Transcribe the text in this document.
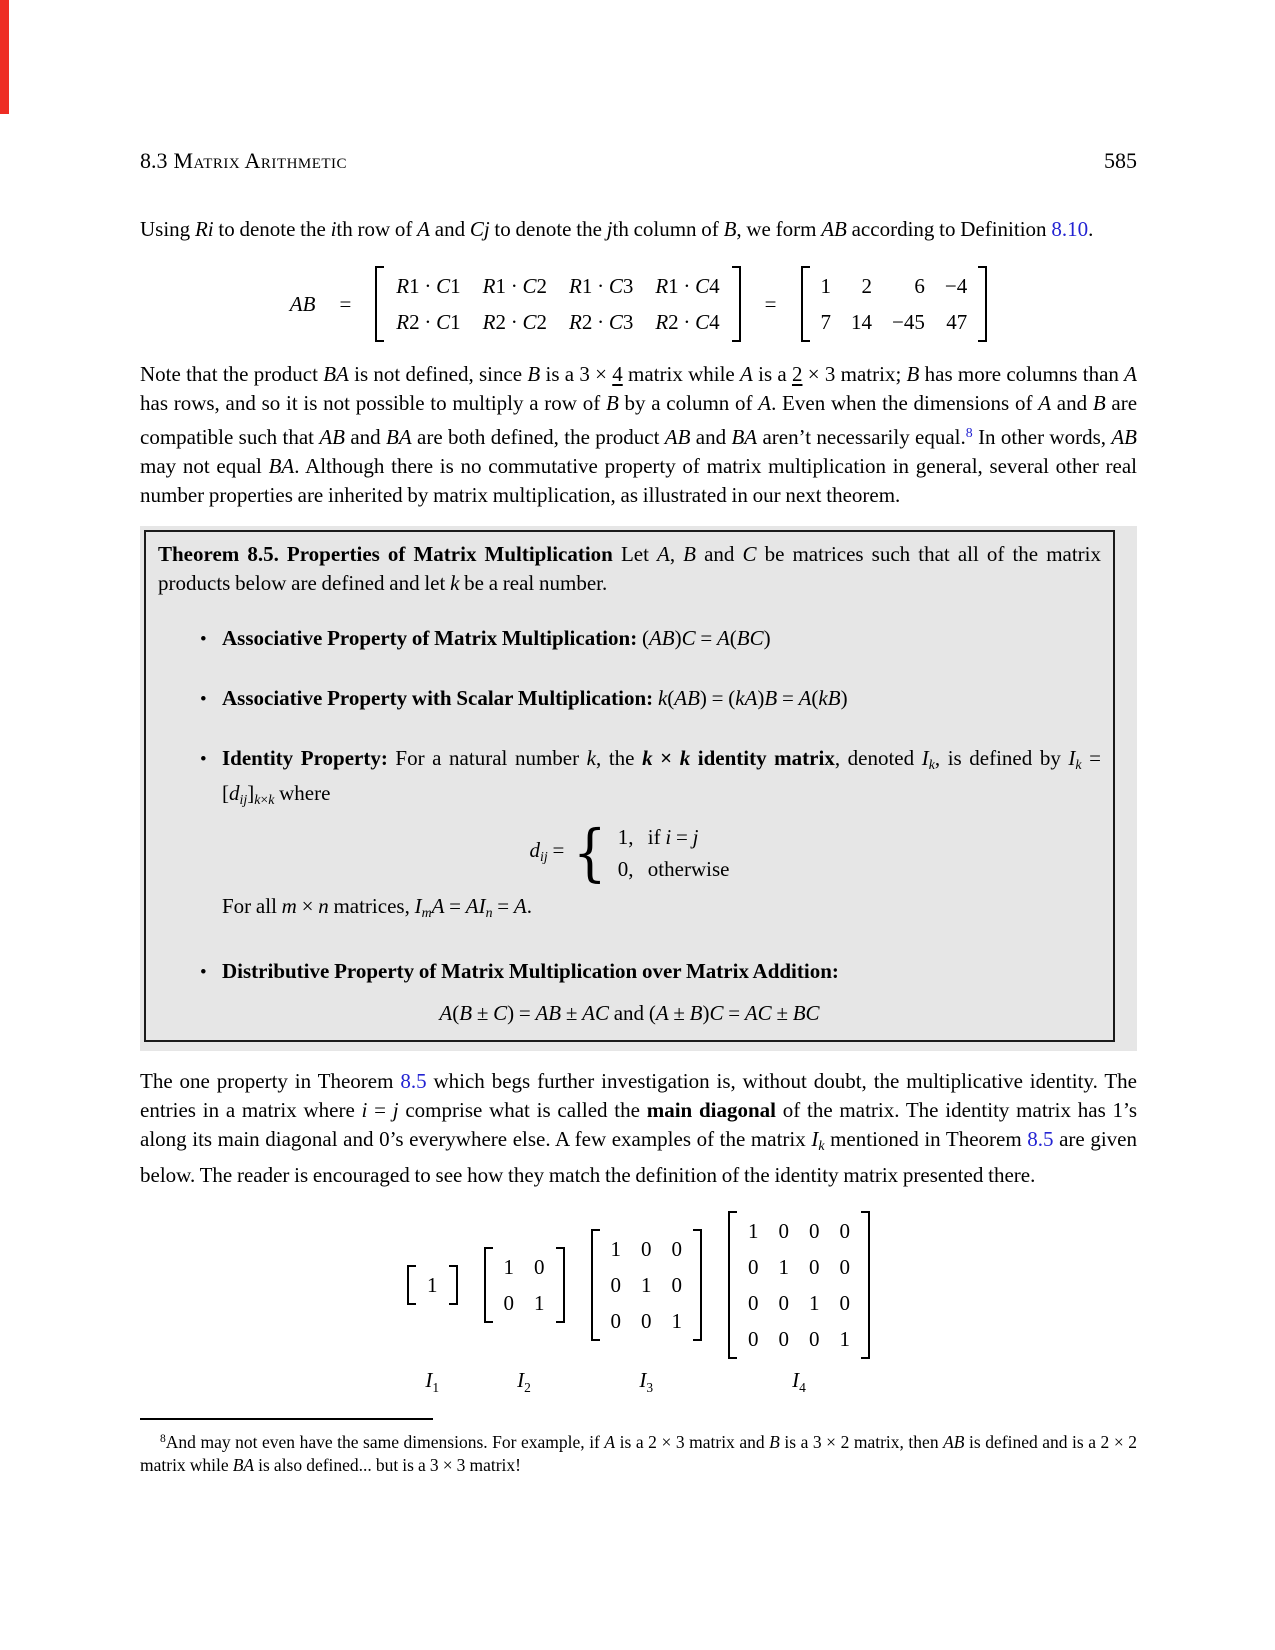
8.3 Matrix Arithmetic	585

Using Ri to denote the ith row of A and Cj to denote the jth column of B, we form AB according to Definition 8.10.

AB =
R1 · C1	R1 · C2	R1 · C3	R1 · C4
R2 · C1	R2 · C2	R2 · C3	R2 · C4
=
1	2	6	−4
7	14	−45	47

Note that the product BA is not defined, since B is a 3 × 4 matrix while A is a 2 × 3 matrix; B has more columns than A has rows, and so it is not possible to multiply a row of B by a column of A. Even when the dimensions of A and B are compatible such that AB and BA are both defined, the product AB and BA aren’t necessarily equal.$^8$ In other words, AB may not equal BA. Although there is no commutative property of matrix multiplication in general, several other real number properties are inherited by matrix multiplication, as illustrated in our next theorem.

Theorem 8.5. Properties of Matrix Multiplication Let A, B and C be matrices such that all of the matrix products below are defined and let k be a real number.

•
Associative Property of Matrix Multiplication: (AB)C = A(BC)
•
Associative Property with Scalar Multiplication: k(AB) = (kA)B = A(kB)
•
Identity Property: For a natural number k, the k × k identity matrix, denoted Ik, is defined by Ik = [dij]k×k where
dij = { 1,   if i = j
0,   otherwise

For all m × n matrices, ImA = AIn = A.

•
Distributive Property of Matrix Multiplication over Matrix Addition:
A(B ± C) = AB ± AC and (A ± B)C = AC ± BC

The one property in Theorem 8.5 which begs further investigation is, without doubt, the multiplicative identity. The entries in a matrix where i = j comprise what is called the main diagonal of the matrix. The identity matrix has 1’s along its main diagonal and 0’s everywhere else. A few examples of the matrix Ik mentioned in Theorem 8.5 are given below. The reader is encouraged to see how they match the definition of the identity matrix presented there.

1
$I_1$
1	0
0	1
$I_2$
1	0	0
0	1	0
0	0	1
$I_3$
1	0	0	0
0	1	0	0
0	0	1	0
0	0	0	1
$I_4$

$^8$And may not even have the same dimensions. For example, if A is a 2 × 3 matrix and B is a 3 × 2 matrix, then AB is defined and is a 2 × 2 matrix while BA is also defined... but is a 3 × 3 matrix!
